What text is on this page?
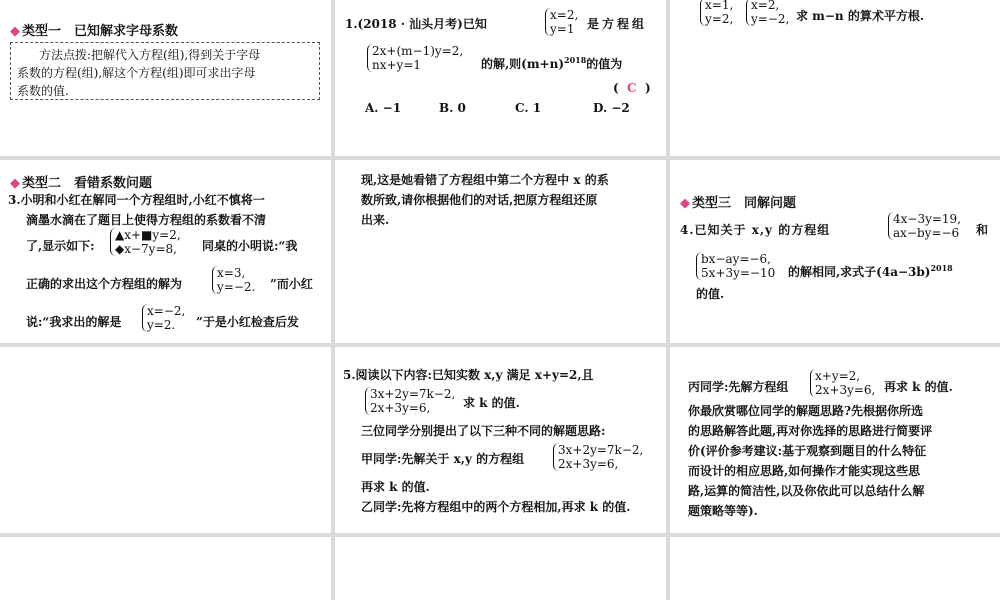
◆ 类型一　已知解求字母系数
方法点拨:把解代入方程(组),得到关于字母
系数的方程(组),解这个方程(组)即可求出字母
系数的值.
1.(2018 · 汕头月考)已知
x=2,
y=1	是方程组
2x+(m−1)y=2,
nx+y=1	的解,则$(m+n)^{2018}$的值为
( C )
A. −1	B. 0	C. 1	D. −2
x=1,
y=2,
x=2,
y=−2, 求 m−n 的算术平方根.
◆ 类型二　看错系数问题
3.小明和小红在解同一个方程组时,小红不慎将一
滴墨水滴在了题目上使得方程组的系数看不清
了,显示如下:
▲x+■y=2,
◆x−7y=8,	同桌的小明说:“我
正确的求出这个方程组的解为
x=3,
y=−2. ”而小红
说:“我求出的解是
x=−2,
y=2.	”于是小红检查后发
现,这是她看错了方程组中第二个方程中 x 的系
数所致,请你根据他们的对话,把原方程组还原
出来.
◆ 类型三　同解问题
4.已知关于 x,y 的方程组
4x−3y=19,
ax−by=−6 和
bx−ay=−6,
5x+3y=−10 的解相同,求式子$(4a-3b)^{2018}$
的值.
5.阅读以下内容:已知实数 x,y 满足 x+y=2,且
3x+2y=7k−2,
2x+3y=6,	求 k 的值.
三位同学分别提出了以下三种不同的解题思路:
甲同学:先解关于 x,y 的方程组
3x+2y=7k−2,
2x+3y=6,
再求 k 的值.
乙同学:先将方程组中的两个方程相加,再求 k 的值.
丙同学:先解方程组
x+y=2,
2x+3y=6, 再求 k 的值.
你最欣赏哪位同学的解题思路?先根据你所选
的思路解答此题,再对你选择的思路进行简要评
价(评价参考建议:基于观察到题目的什么特征
而设计的相应思路,如何操作才能实现这些思
路,运算的简洁性,以及你依此可以总结什么解
题策略等等).
